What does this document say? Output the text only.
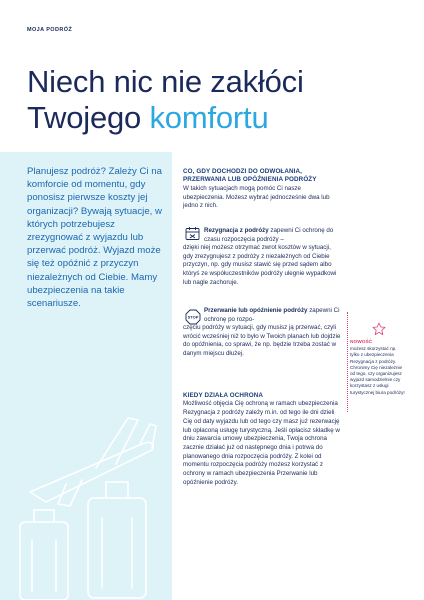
MOJA PODRÓŻ
Niech nic nie zakłóci
Twojego komfortu

Planujesz podróż? Zależy Ci na komforcie od momentu, gdy ponosisz pierwsze koszty jej organizacji? Bywają sytuacje, w których potrzebujesz zrezygnować z wyjazdu lub przerwać podróż. Wyjazd może się też opóźnić z przyczyn niezależnych od Ciebie. Mamy ubezpieczenia na takie scenariusze.

CO, GDY DOCHODZI DO ODWOŁANIA, PRZERWANIA LUB OPÓŹNIENIA PODRÓŻY
W takich sytuacjach mogą pomóc Ci nasze ubezpieczenia. Możesz wybrać jednocześnie dwa lub jedno z nich.
Rezygnacja z podróży zapewni Ci ochronę do czasu rozpoczęcia podróży –
dzięki niej możesz otrzymać zwrot kosztów w sytuacji, gdy zrezygnujesz z podróży z niezależnych od Ciebie przyczyn, np. gdy musisz stawić się przed sądem albo któryś ze współuczestników podróży ulegnie wypadkowi lub nagle zachoruje.
STOP
Przerwanie lub opóźnienie podróży zapewni Ci ochronę po rozpo-
częciu podróży w sytuacji, gdy musisz ją przerwać, czyli wrócić wcześniej niż to było w Twoich planach lub dojdzie do opóźnienia, co sprawi, że np. będzie trzeba zostać w danym miejscu dłużej.
KIEDY DZIAŁA OCHRONA
Możliwość objęcia Cię ochroną w ramach ubezpieczenia Rezygnacja z podróży zależy m.in. od tego ile dni dzieli Cię od daty wyjazdu lub od tego czy masz już rezerwację lub opłaconą usługę turystyczną. Jeśli opłacisz składkę w dniu zawarcia umowy ubezpieczenia, Twoja ochrona zacznie działać już od następnego dnia i potrwa do planowanego dnia rozpoczęcia podróży. Z kolei od momentu rozpoczęcia podróży możesz korzystać z ochrony w ramach ubezpieczenia Przerwanie lub opóźnienie podróży.
NOWOŚĆ
możesz skorzystać np. tylko z ubezpieczenia Rezygnacja z podróży. Chronimy Cię niezależnie od tego, czy organizujesz wyjazd samodzielnie czy korzystasz z usługi turystycznej biura podróży!
